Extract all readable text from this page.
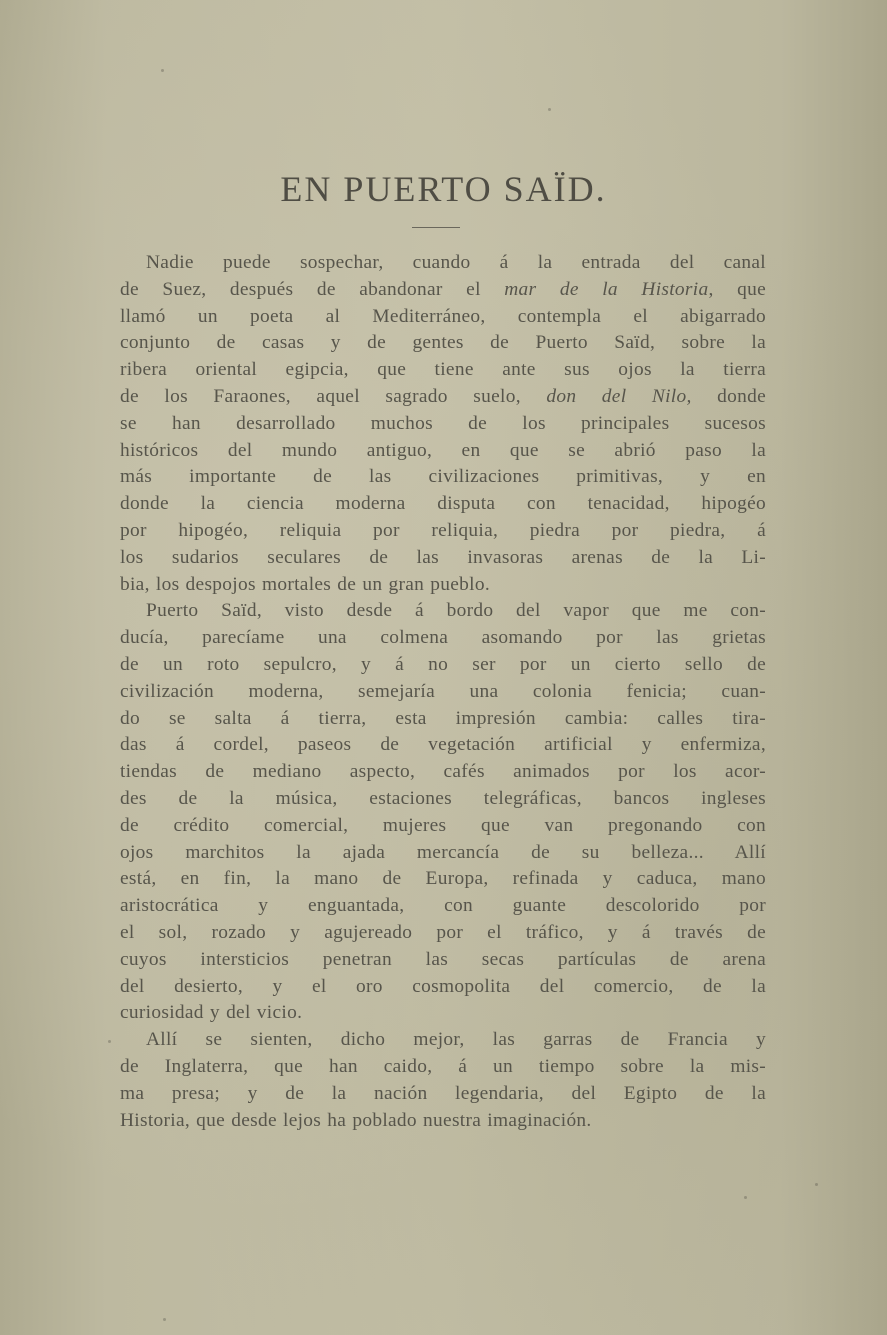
EN PUERTO SAÏD.

Nadie puede sospechar, cuando á la entrada del canal
de Suez, después de abandonar el mar de la Historia, que
llamó un poeta al Mediterráneo, contempla el abigarrado
conjunto de casas y de gentes de Puerto Saïd, sobre la
ribera oriental egipcia, que tiene ante sus ojos la tierra
de los Faraones, aquel sagrado suelo, don del Nilo, donde
se han desarrollado muchos de los principales sucesos
históricos del mundo antiguo, en que se abrió paso la
más importante de las civilizaciones primitivas, y en
donde la ciencia moderna disputa con tenacidad, hipogéo
por hipogéo, reliquia por reliquia, piedra por piedra, á
los sudarios seculares de las invasoras arenas de la Li-
bia, los despojos mortales de un gran pueblo.

Puerto Saïd, visto desde á bordo del vapor que me con-
ducía, parecíame una colmena asomando por las grietas
de un roto sepulcro, y á no ser por un cierto sello de
civilización moderna, semejaría una colonia fenicia; cuan-
do se salta á tierra, esta impresión cambia: calles tira-
das á cordel, paseos de vegetación artificial y enfermiza,
tiendas de mediano aspecto, cafés animados por los acor-
des de la música, estaciones telegráficas, bancos ingleses
de crédito comercial, mujeres que van pregonando con
ojos marchitos la ajada mercancía de su belleza... Allí
está, en fin, la mano de Europa, refinada y caduca, mano
aristocrática y enguantada, con guante descolorido por
el sol, rozado y agujereado por el tráfico, y á través de
cuyos intersticios penetran las secas partículas de arena
del desierto, y el oro cosmopolita del comercio, de la
curiosidad y del vicio.

Allí se sienten, dicho mejor, las garras de Francia y
de Inglaterra, que han caido, á un tiempo sobre la mis-
ma presa; y de la nación legendaria, del Egipto de la
Historia, que desde lejos ha poblado nuestra imaginación.
